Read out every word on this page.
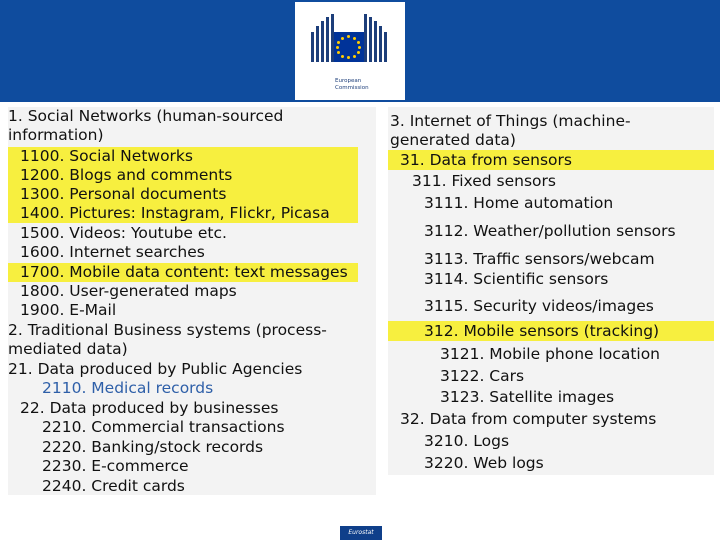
European
Commission
1. Social Networks (human-sourced
information)
1100. Social Networks
1200. Blogs and comments
1300. Personal documents
1400. Pictures: Instagram, Flickr, Picasa
1500. Videos: Youtube etc.
1600. Internet searches
1700. Mobile data content: text messages
1800. User-generated maps
1900. E-Mail
2. Traditional Business systems (process-
mediated data)
21. Data produced by Public Agencies
2110. Medical records
22. Data produced by businesses
2210. Commercial transactions
2220. Banking/stock records
2230. E-commerce
2240. Credit cards
3. Internet of Things (machine-
generated data)
31. Data from sensors
311. Fixed sensors
3111. Home automation
3112. Weather/pollution sensors
3113. Traffic sensors/webcam
3114. Scientific sensors
3115. Security videos/images
312. Mobile sensors (tracking)
3121. Mobile phone location
3122. Cars
3123. Satellite images
32. Data from computer systems
3210. Logs
3220. Web logs
Eurostat
